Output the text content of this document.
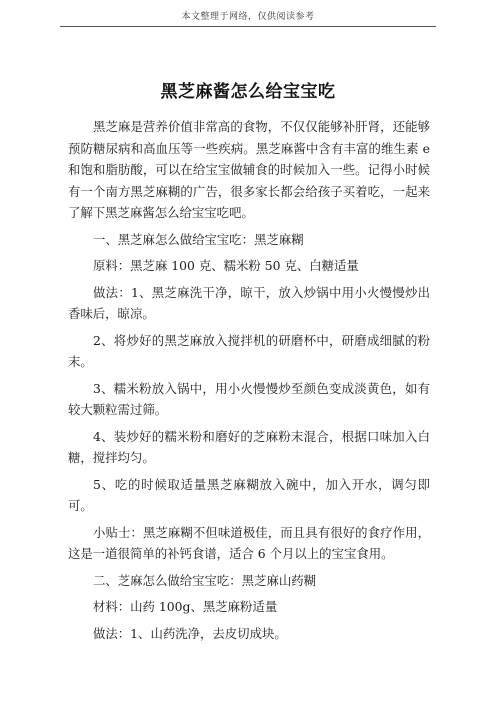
本文整理于网络，仅供阅读参考
黑芝麻酱怎么给宝宝吃

黑芝麻是营养价值非常高的食物，不仅仅能够补肝肾，还能够预防糖尿病和高血压等一些疾病。黑芝麻酱中含有丰富的维生素 e 和饱和脂肪酸，可以在给宝宝做辅食的时候加入一些。记得小时候有一个南方黑芝麻糊的广告，很多家长都会给孩子买着吃，一起来了解下黑芝麻酱怎么给宝宝吃吧。

一、黑芝麻怎么做给宝宝吃：黑芝麻糊

原料：黑芝麻 100 克、糯米粉 50 克、白糖适量

做法：1、黑芝麻洗干净，晾干，放入炒锅中用小火慢慢炒出香味后，晾凉。

2、将炒好的黑芝麻放入搅拌机的研磨杯中，研磨成细腻的粉末。

3、糯米粉放入锅中，用小火慢慢炒至颜色变成淡黄色，如有较大颗粒需过筛。

4、装炒好的糯米粉和磨好的芝麻粉末混合，根据口味加入白糖，搅拌均匀。

5、吃的时候取适量黑芝麻糊放入碗中，加入开水，调匀即可。

小贴士：黑芝麻糊不但味道极佳，而且具有很好的食疗作用，这是一道很简单的补钙食谱，适合 6 个月以上的宝宝食用。

二、芝麻怎么做给宝宝吃：黑芝麻山药糊

材料：山药 100g、黑芝麻粉适量

做法：1、山药洗净，去皮切成块。
